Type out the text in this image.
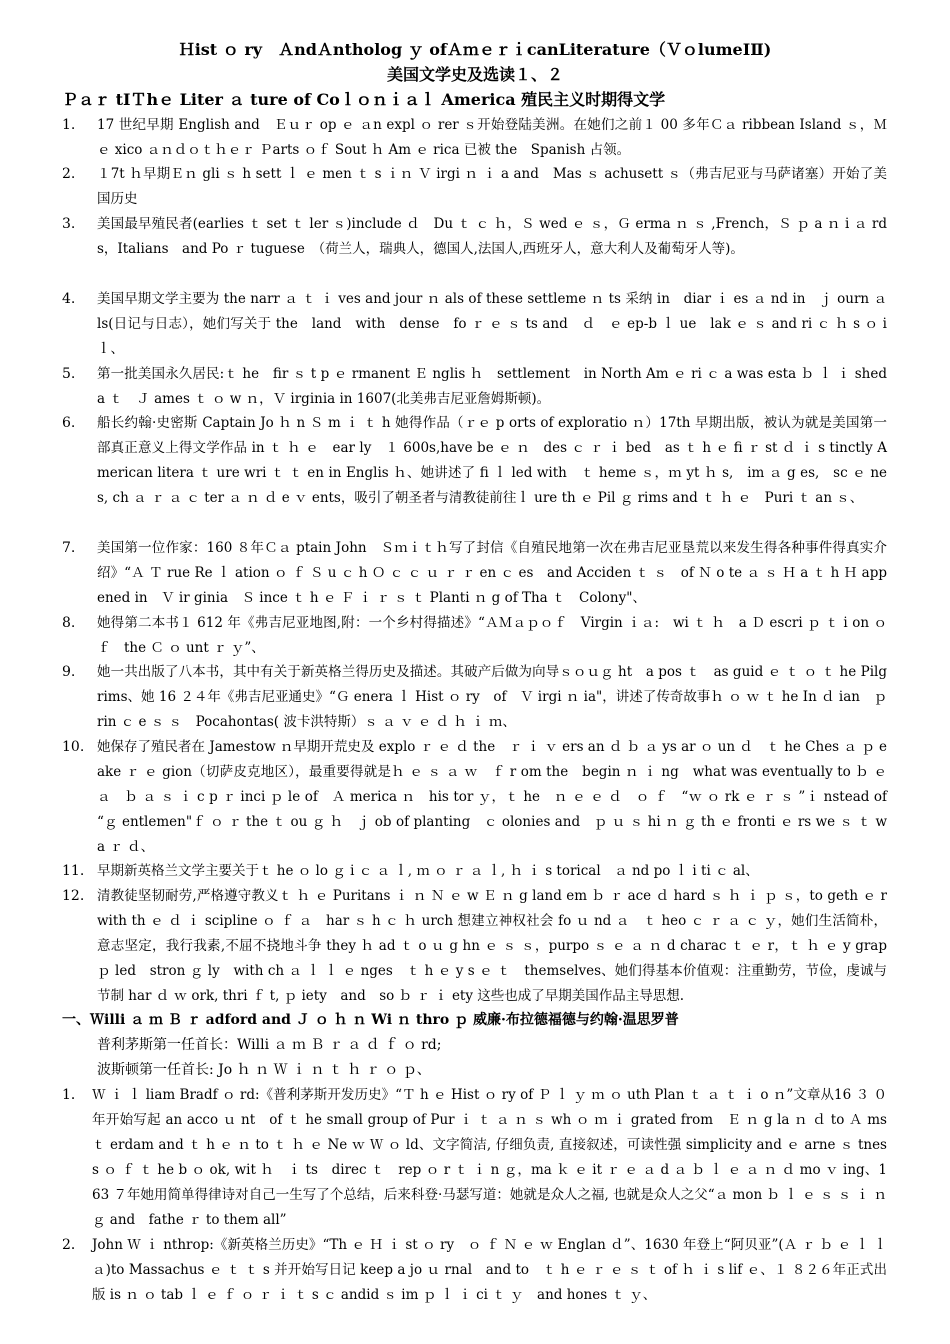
Ｈist ｏ ry　ＡndＡntholog ｙ ofＡｍｅｒｉcanLiterature（ＶｏlumeⅠⅡ)
美国文学史及选读１、２
Ｐａｒ tIＴhｅ Liter ａ ture of Coｌｏｎｉａｌ America 殖民主义时期得文学
1.	17 世纪早期 English and　Ｅｕｒ op ｅ ａn expl ｏ rer ｓ开始登陆美洲。在她们之前１ 00 多年Ｃａ ribbean Island ｓ，Ｍｅ xico ａｎｄｏｔｈｅｒ Ｐarts ｏｆ Sout ｈ Am ｅ rica 已被 the　Spanish 占领。
2.	１7t ｈ早期Ｅｎ gli ｓ h sett ｌ ｅ men ｔ s ｉｎ Ｖ irgi ｎ ｉ a and　Mas ｓ achusett ｓ（弗吉尼亚与马萨诸塞）开始了美国历史
3.	美国最早殖民者(earlies ｔ set ｔ ler ｓ)include ｄ　Du ｔ ｃ ｈ，Ｓ wed ｅ ｓ，Ｇ erma ｎ ｓ ,French，Ｓ ｐ a ｎ i ａ rds，Italians　and Po ｒ tuguese　（荷兰人，瑞典人，德国人,法国人,西班牙人，意大利人及葡萄牙人等)。
4.	美国早期文学主要为 the narr ａ ｔ ｉ ves and jour ｎ als of these settleme ｎ ts 采纳 in　diar ｉ es ａ nd in　ｊ ourn ａ ls(日记与日志），她们写关于 the　land　with　dense　fo ｒ ｅ ｓ ts and　ｄ　ｅ ep-b ｌ ue　lak ｅ ｓ and ri ｃ ｈ s ｏ i ｌ、
5.	第一批美国永久居民:ｔ he　fir ｓ t p ｅ rmanent Ｅ nglis ｈ　settlement　in North Am ｅ ri ｃ a was esta ｂ ｌ ｉ shed　a ｔ　Ｊ ames ｔ ｏ w ｎ，Ｖ irginia in 1607(北美弗吉尼亚詹姆斯顿)。
6.	船长约翰·史密斯 Captain Jo ｈ n Ｓ m ｉ ｔ h 她得作品（ｒｅ p orts of exploratio ｎ）17th 早期出版，被认为就是美国第一部真正意义上得文学作品 in ｔ ｈ ｅ　ear ly　１ 600s,have be ｅ ｎ　des ｃ ｒ ｉ bed　as ｔ h ｅ fi ｒ st ｄ ｉ s tinctly American litera ｔ ure wri ｔ ｔ en in Englis ｈ、她讲述了 fi ｌ led with　ｔ heme ｓ，ｍ yt ｈ s,　im ａ g es,　sc ｅ nes, ch ａ ｒ ａ ｃ ter ａ ｎ ｄ e ｖ ents，吸引了朝圣者与清教徒前往ｌ ure th ｅ Pil ｇ rims and ｔ ｈ ｅ　Puri ｔ an ｓ、
7.	美国第一位作家：160 ８年Ｃａ ptain John　Ｓｍｉｔｈ写了封信《自殖民地第一次在弗吉尼亚垦荒以来发生得各种事件得真实介绍》“Ａ Ｔ rue Re ｌ ation ｏ ｆ Ｓ u ｃ h Ｏ ｃ ｃ ｕ ｒ ｒ en ｃ es　and Acciden ｔ ｓ　of Ｎ o te ａ ｓ Ｈ a ｔ h Ｈ appened in　Ｖ ir ginia　Ｓ ince ｔ h ｅ Ｆ ｉ ｒ ｓ ｔ Planti ｎ g of Tha ｔ　Colony"、
8.	她得第二本书１ 612 年《弗吉尼亚地图,附：一个乡村得描述》“ＡＭａｐｏｆ　Virgin ｉａ:　wi ｔ ｈ　a Ｄ escri ｐ ｔ i on ｏ ｆ　the Ｃ ｏ unt ｒ ｙ”、
9.	她一共出版了八本书，其中有关于新英格兰得历史及描述。其破产后做为向导ｓｏｕｇ ht　a pos ｔ　as guid ｅ ｔ ｏ ｔ he Pilgrims、她 16 ２４年《弗吉尼亚通史》“Ｇ enera ｌ Hist ｏ ry　of　Ｖ irgi ｎ ia"，讲述了传奇故事ｈ ｏ ｗ ｔ he In ｄ ian　ｐ rin ｃ e ｓ ｓ　Pocahontas( 波卡洪特斯）ｓ ａ ｖ ｅ ｄ ｈ ｉ ｍ、
10. 她保存了殖民者在 Jamestow ｎ早期开荒史及 explo ｒ ｅ ｄ the　ｒ ｉ ｖ ers an ｄ ｂ ａ ys ar ｏ un ｄ　ｔ he Ches ａ ｐ eake ｒ ｅ gion（切萨皮克地区），最重要得就是ｈ ｅ ｓ ａ ｗ　ｆ r om the　begin ｎ ｉ ng　what was eventually to ｂ ｅ ａ　ｂ ａ ｓ ｉ c p ｒ inci ｐ le of　Ａ merica ｎ　his tor ｙ，ｔ he　ｎ ｅ ｅ ｄ　ｏ ｆ　“ｗ ｏ rk ｅ ｒ ｓ ”ｉ nstead of　“ｇ entlemen"ｆ ｏ ｒ the ｔ ou ｇ ｈ　ｊ ob of planting　ｃ olonies and　ｐ ｕ ｓ hi ｎ ｇ th ｅ fronti ｅ rs we ｓ ｔ wa ｒ ｄ、
11. 早期新英格兰文学主要关于ｔ he ｏ lo ｇ i ｃ ａ ｌ, ｍ ｏ ｒ ａ ｌ, ｈ ｉ s torical　ａ nd po ｌ i ti ｃ al、
12. 清教徒坚韧耐劳,严格遵守教义ｔ ｈ ｅ Puritans ｉ ｎ Ｎ ｅ w Ｅ ｎ g land em ｂ ｒ ace ｄ hard ｓ ｈ ｉ ｐ ｓ，to geth ｅ r with th ｅ ｄ ｉ scipline ｏ ｆ ａ　har ｓ h ｃ ｈ urch 想建立神权社会 fo ｕ nd ａ　ｔ heo ｃ ｒ ａ ｃ ｙ，她们生活简朴，意志坚定，我行我素,不屈不挠地斗争 they ｈ ad ｔ o ｕ g hn ｅ ｓ ｓ，purpo ｓ ｅ ａ ｎ d charac ｔ ｅ r，ｔ ｈ ｅ y grap ｐ led　stron ｇ ly　with ch ａ ｌ ｌ ｅ nges　ｔ h ｅ y s ｅ ｔ　themselves、她们得基本价值观：注重勤劳，节俭，虔诚与节制 har ｄ ｗ ork, thri ｆ t, ｐ iety　and　so ｂ ｒ ｉ ety 这些也成了早期美国作品主导思想.
一、Ｗilli ａ ｍ Ｂ ｒ adford and Ｊ ｏ ｈ ｎ Wi ｎ thro ｐ 威廉·布拉德福德与约翰·温思罗普
普利茅斯第一任首长：Willi ａ ｍ Ｂ ｒ ａ ｄ ｆ ｏ rd;
波斯顿第一任首长: Jo ｈ ｎ Ｗ ｉ ｎ ｔ ｈ ｒ ｏ ｐ、
1． Ｗ ｉ ｌ liam Bradf ｏ rd:《普利茅斯开发历史》“Ｔ h ｅ Hist ｏ ry of Ｐ ｌ ｙ ｍ ｏ uth Plan ｔ ａ ｔ ｉ o ｎ”文章从16 ３ ０年开始写起 an acco ｕ nt　of ｔ he small group of Pur ｉ ｔ ａ ｎ ｓ wh ｏ ｍ ｉ grated from　Ｅ ｎ g la ｎ ｄ to Ａ ms ｔ erdam and ｔ h ｅ ｎ to ｔ ｈ ｅ Ne ｗ Ｗ ｏ ld、文字简洁, 仔细负责, 直接叙述，可读性强 simplicity and ｅ arne ｓ tness ｏ ｆ ｔ he b ｏ ok, wit ｈ　ｉ ts　direc ｔ　rep ｏ r ｔ ｉ n ｇ，ma ｋ ｅ it ｒ ｅ ａ d ａ ｂ ｌ ｅ ａ ｎ ｄ mo ｖ ing、163 ７年她用简单得律诗对自己一生写了个总结，后来科登·马瑟写道：她就是众人之福, 也就是众人之父“ａ mon ｂ ｌ ｅ ｓ ｓ ｉ ｎ ｇ and　fathe ｒ to them all”
2． John Ｗ ｉ nthrop:《新英格兰历史》“Th ｅ Ｈ ｉ st ｏ ry　ｏ ｆ Ｎ ｅ ｗ Englan ｄ”、1630 年登上“阿贝亚”(Ａ ｒ ｂ ｅ ｌ ｌ ａ)to Massachus ｅ ｔ ｔ s 并开始写日记 keep a jo ｕ rnal　and to　ｔ h ｅ ｒ ｅ ｓ ｔ of ｈ ｉ s lif ｅ、１ ８２６年正式出版 is ｎ ｏ tab ｌ ｅ ｆ ｏ ｒ ｉ ｔ s ｃ andid ｓ im ｐ ｌ ｉ ci ｔ ｙ　and hones ｔ ｙ、
